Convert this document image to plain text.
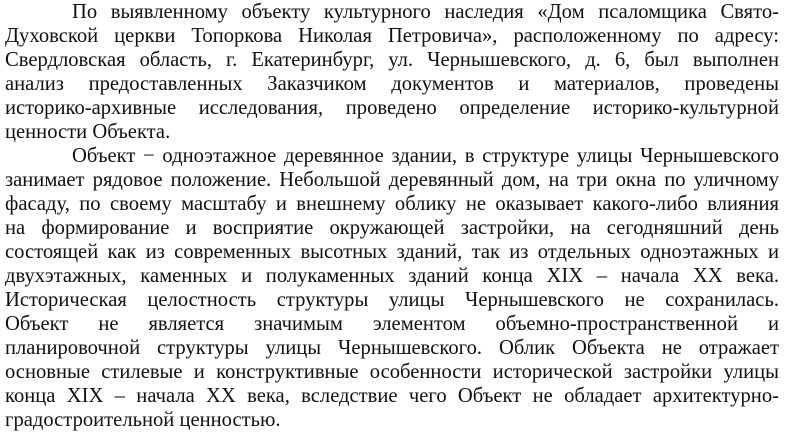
По выявленному объекту культурного наследия «Дом псаломщика Свято-
Духовской церкви Топоркова Николая Петровича», расположенному по адресу:
Свердловская область, г. Екатеринбург, ул. Чернышевского, д. 6, был выполнен
анализ предоставленных Заказчиком документов и материалов, проведены
историко-архивные исследования, проведено определение историко-культурной
ценности Объекта.
Объект − одноэтажное деревянное здании, в структуре улицы Чернышевского
занимает рядовое положение. Небольшой деревянный дом, на три окна по уличному
фасаду, по своему масштабу и внешнему облику не оказывает какого-либо влияния
на формирование и восприятие окружающей застройки, на сегодняшний день
состоящей как из современных высотных зданий, так из отдельных одноэтажных и
двухэтажных, каменных и полукаменных зданий конца XIX – начала XX века.
Историческая целостность структуры улицы Чернышевского не сохранилась.
Объект не является значимым элементом объемно-пространственной и
планировочной структуры улицы Чернышевского. Облик Объекта не отражает
основные стилевые и конструктивные особенности исторической застройки улицы
конца XIX – начала XX века, вследствие чего Объект не обладает архитектурно-
градостроительной ценностью.
